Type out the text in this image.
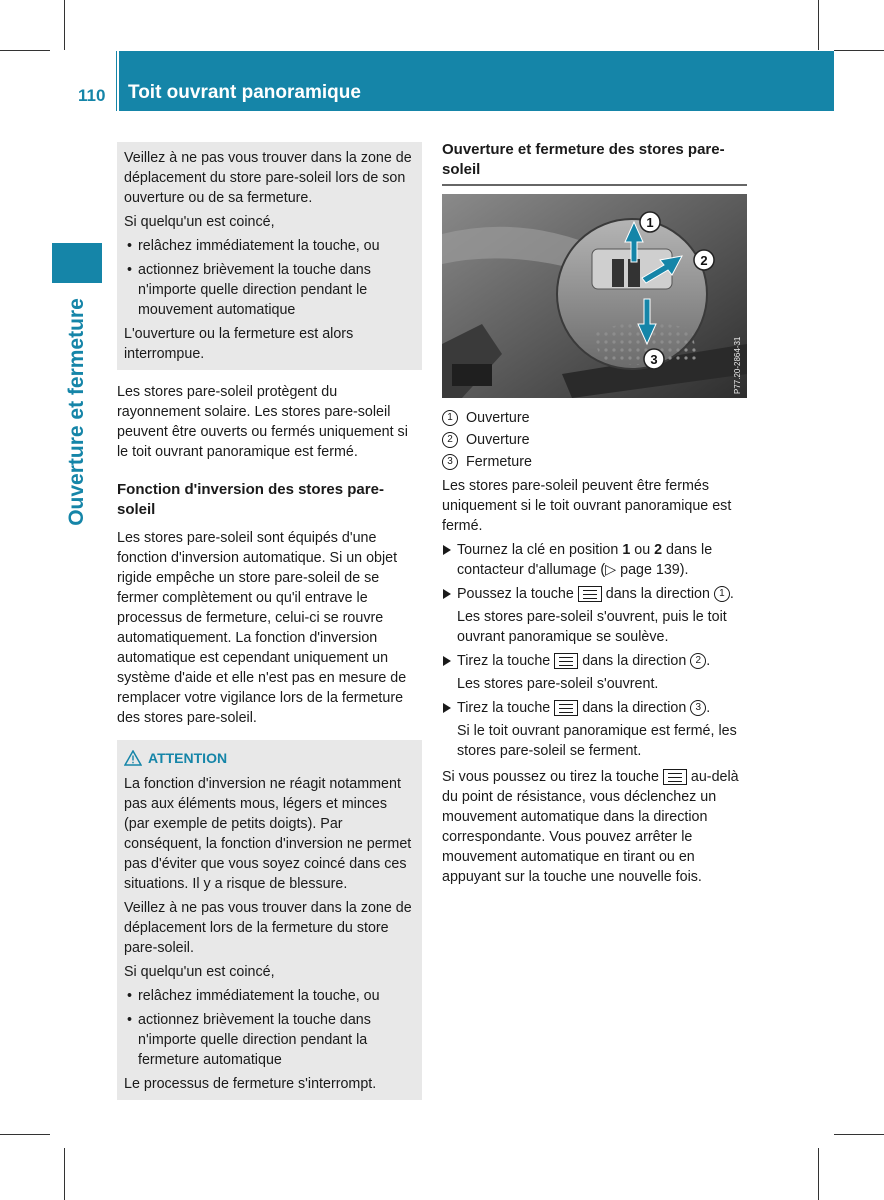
110 Toit ouvrant panoramique
Ouverture et fermeture

Veillez à ne pas vous trouver dans la zone de déplacement du store pare-soleil lors de son ouverture ou de sa fermeture.

Si quelqu'un est coincé,

• relâchez immédiatement la touche, ou
• actionnez brièvement la touche dans n'importe quelle direction pendant le mouvement automatique

L'ouverture ou la fermeture est alors interrompue.

Les stores pare-soleil protègent du rayonnement solaire. Les stores pare-soleil peuvent être ouverts ou fermés uniquement si le toit ouvrant panoramique est fermé.

Fonction d'inversion des stores pare-soleil

Les stores pare-soleil sont équipés d'une fonction d'inversion automatique. Si un objet rigide empêche un store pare-soleil de se fermer complètement ou qu'il entrave le processus de fermeture, celui-ci se rouvre automatiquement. La fonction d'inversion automatique est cependant uniquement un système d'aide et elle n'est pas en mesure de remplacer votre vigilance lors de la fermeture des stores pare-soleil.

ATTENTION

La fonction d'inversion ne réagit notamment pas aux éléments mous, légers et minces (par exemple de petits doigts). Par conséquent, la fonction d'inversion ne permet pas d'éviter que vous soyez coincé dans ces situations. Il y a risque de blessure.

Veillez à ne pas vous trouver dans la zone de déplacement lors de la fermeture du store pare-soleil.

Si quelqu'un est coincé,

• relâchez immédiatement la touche, ou
• actionnez brièvement la touche dans n'importe quelle direction pendant la fermeture automatique

Le processus de fermeture s'interrompt.

Ouverture et fermeture des stores pare-soleil
1
2
3	P77.20-2864-31
1 Ouverture
2 Ouverture
3 Fermeture

Les stores pare-soleil peuvent être fermés uniquement si le toit ouvrant panoramique est fermé.

Tournez la clé en position 1 ou 2 dans le contacteur d'allumage (▷ page 139).
Poussez la touche  dans la direction 1 .
Les stores pare-soleil s'ouvrent, puis le toit ouvrant panoramique se soulève.
Tirez la touche  dans la direction 2 .
Les stores pare-soleil s'ouvrent.
Tirez la touche  dans la direction 3 .
Si le toit ouvrant panoramique est fermé, les stores pare-soleil se ferment.

Si vous poussez ou tirez la touche  au-delà du point de résistance, vous déclenchez un mouvement automatique dans la direction correspondante. Vous pouvez arrêter le mouvement automatique en tirant ou en appuyant sur la touche une nouvelle fois.
